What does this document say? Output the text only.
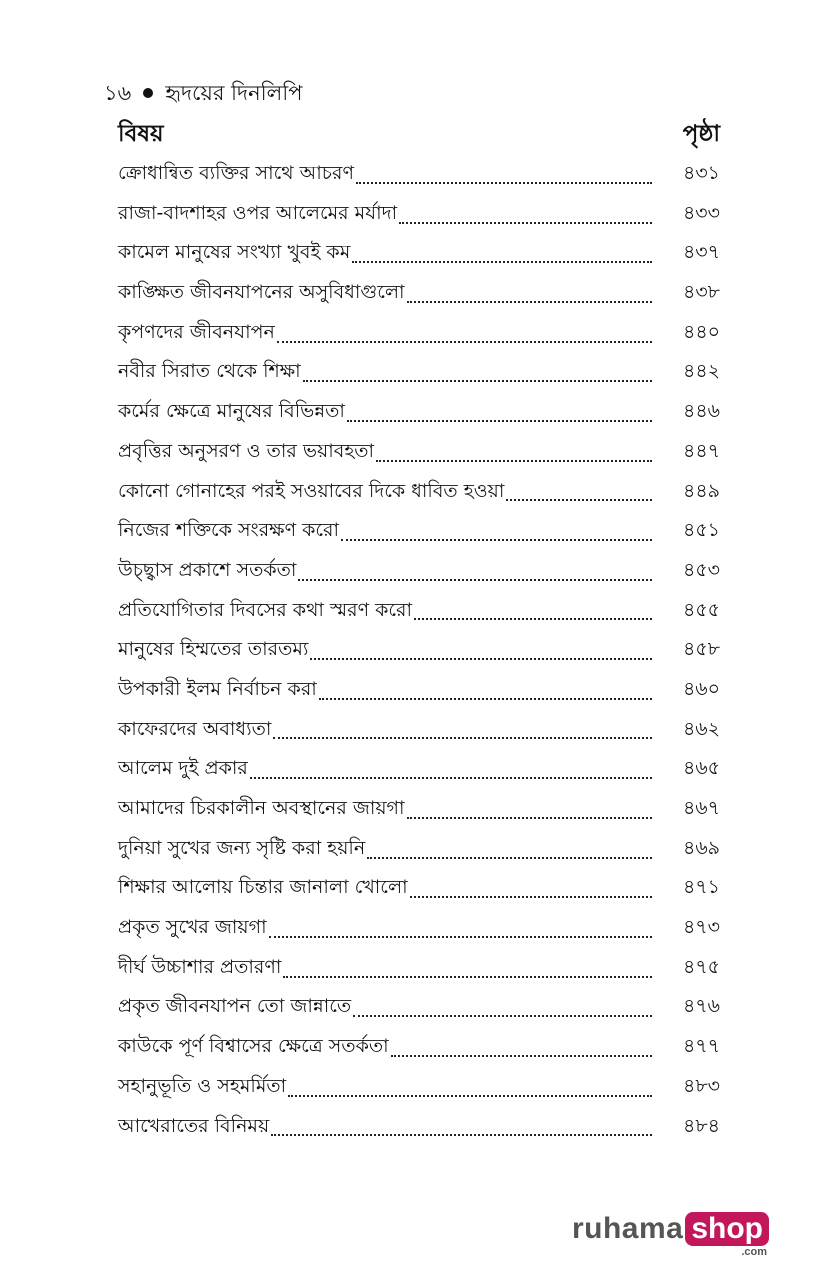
১৬ হৃদয়ের দিনলিপি
বিষয়	পৃষ্ঠা
ক্রোধান্বিত ব্যক্তির সাথে আচরণ	৪৩১
রাজা-বাদশাহর ওপর আলেমের মর্যাদা	৪৩৩
কামেল মানুষের সংখ্যা খুবই কম	৪৩৭
কাঙ্ক্ষিত জীবনযাপনের অসুবিধাগুলো	৪৩৮
কৃপণদের জীবনযাপন	৪৪০
নবীর সিরাত থেকে শিক্ষা	৪৪২
কর্মের ক্ষেত্রে মানুষের বিভিন্নতা	৪৪৬
প্রবৃত্তির অনুসরণ ও তার ভয়াবহতা	৪৪৭
কোনো গোনাহের পরই সওয়াবের দিকে ধাবিত হওয়া	৪৪৯
নিজের শক্তিকে সংরক্ষণ করো	৪৫১
উচ্ছ্বাস প্রকাশে সতর্কতা	৪৫৩
প্রতিযোগিতার দিবসের কথা স্মরণ করো	৪৫৫
মানুষের হিম্মতের তারতম্য	৪৫৮
উপকারী ইলম নির্বাচন করা	৪৬০
কাফেরদের অবাধ্যতা	৪৬২
আলেম দুই প্রকার	৪৬৫
আমাদের চিরকালীন অবস্থানের জায়গা	৪৬৭
দুনিয়া সুখের জন্য সৃষ্টি করা হয়নি	৪৬৯
শিক্ষার আলোয় চিন্তার জানালা খোলো	৪৭১
প্রকৃত সুখের জায়গা	৪৭৩
দীর্ঘ উচ্চাশার প্রতারণা	৪৭৫
প্রকৃত জীবনযাপন তো জান্নাতে	৪৭৬
কাউকে পূর্ণ বিশ্বাসের ক্ষেত্রে সতর্কতা	৪৭৭
সহানুভূতি ও সহমর্মিতা	৪৮৩
আখেরাতের বিনিময়	৪৮৪
ruhama shop
.com
